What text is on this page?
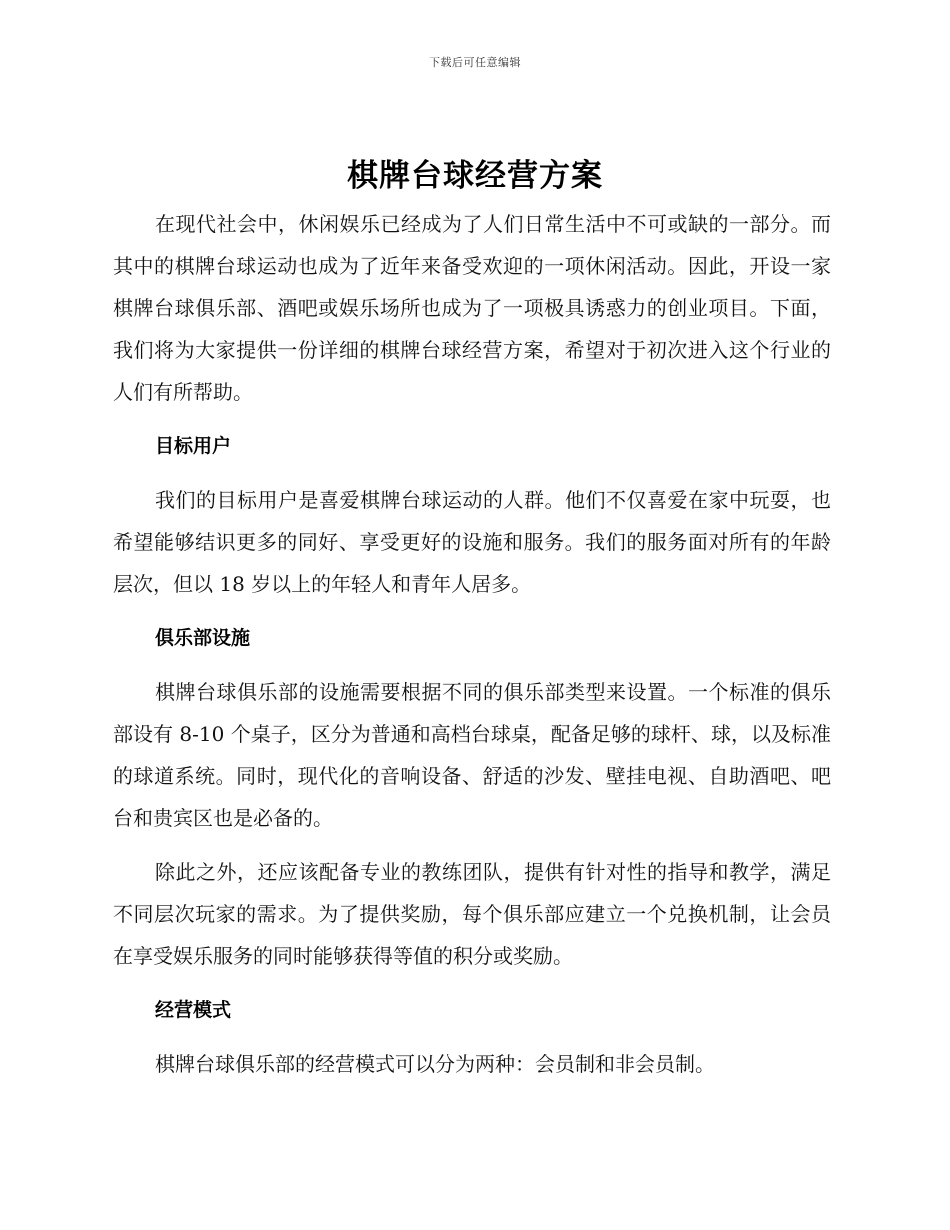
下载后可任意编辑
棋牌台球经营方案

在现代社会中，休闲娱乐已经成为了人们日常生活中不可或缺的一部分。而其中的棋牌台球运动也成为了近年来备受欢迎的一项休闲活动。因此，开设一家棋牌台球俱乐部、酒吧或娱乐场所也成为了一项极具诱惑力的创业项目。下面，我们将为大家提供一份详细的棋牌台球经营方案，希望对于初次进入这个行业的人们有所帮助。

目标用户

我们的目标用户是喜爱棋牌台球运动的人群。他们不仅喜爱在家中玩耍，也希望能够结识更多的同好、享受更好的设施和服务。我们的服务面对所有的年龄层次，但以 18 岁以上的年轻人和青年人居多。

俱乐部设施

棋牌台球俱乐部的设施需要根据不同的俱乐部类型来设置。一个标准的俱乐部设有 8-10 个桌子，区分为普通和高档台球桌，配备足够的球杆、球，以及标准的球道系统。同时，现代化的音响设备、舒适的沙发、壁挂电视、自助酒吧、吧台和贵宾区也是必备的。

除此之外，还应该配备专业的教练团队，提供有针对性的指导和教学，满足不同层次玩家的需求。为了提供奖励，每个俱乐部应建立一个兑换机制，让会员在享受娱乐服务的同时能够获得等值的积分或奖励。

经营模式

棋牌台球俱乐部的经营模式可以分为两种：会员制和非会员制。
